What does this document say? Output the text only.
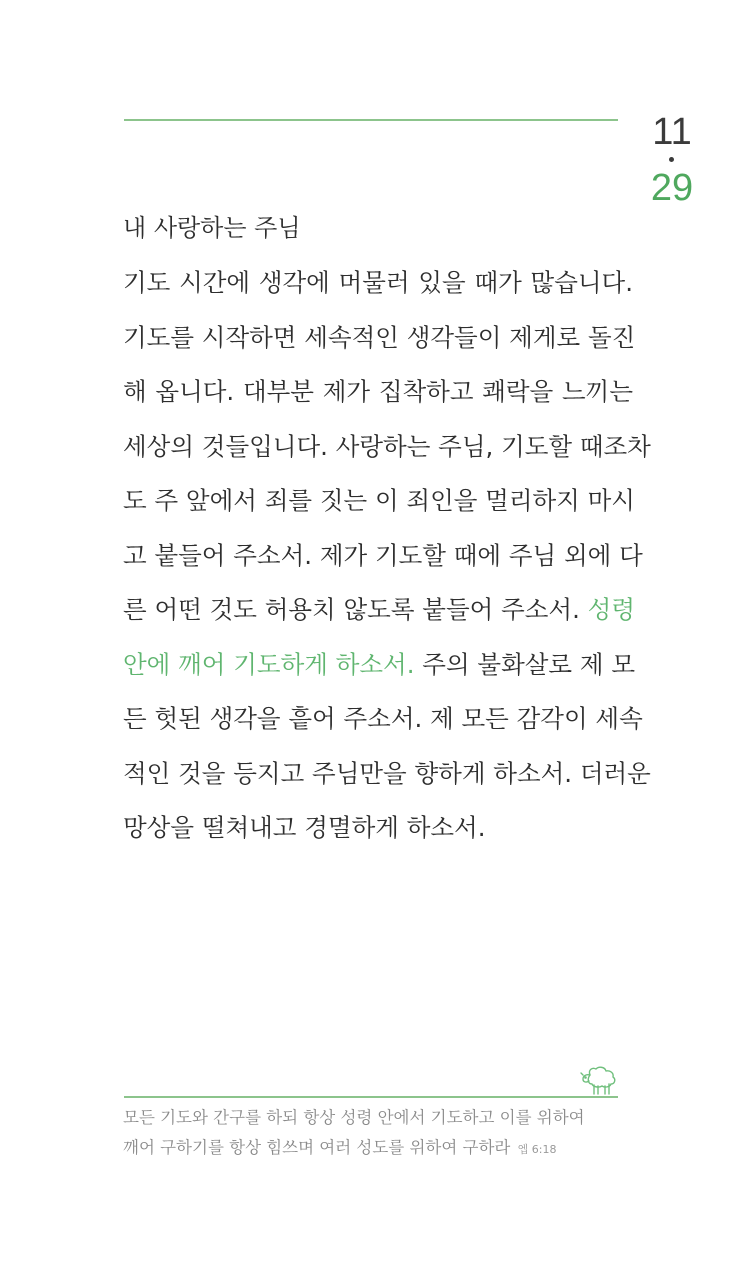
11
29
내 사랑하는 주님
기도 시간에 생각에 머물러 있을 때가 많습니다.
기도를 시작하면 세속적인 생각들이 제게로 돌진
해 옵니다. 대부분 제가 집착하고 쾌락을 느끼는
세상의 것들입니다. 사랑하는 주님, 기도할 때조차
도 주 앞에서 죄를 짓는 이 죄인을 멀리하지 마시
고 붙들어 주소서. 제가 기도할 때에 주님 외에 다
른 어떤 것도 허용치 않도록 붙들어 주소서. 성령
안에 깨어 기도하게 하소서. 주의 불화살로 제 모
든 헛된 생각을 흩어 주소서. 제 모든 감각이 세속
적인 것을 등지고 주님만을 향하게 하소서. 더러운
망상을 떨쳐내고 경멸하게 하소서.
모든 기도와 간구를 하되 항상 성령 안에서 기도하고 이를 위하여
깨어 구하기를 항상 힘쓰며 여러 성도를 위하여 구하라 엡 6:18
